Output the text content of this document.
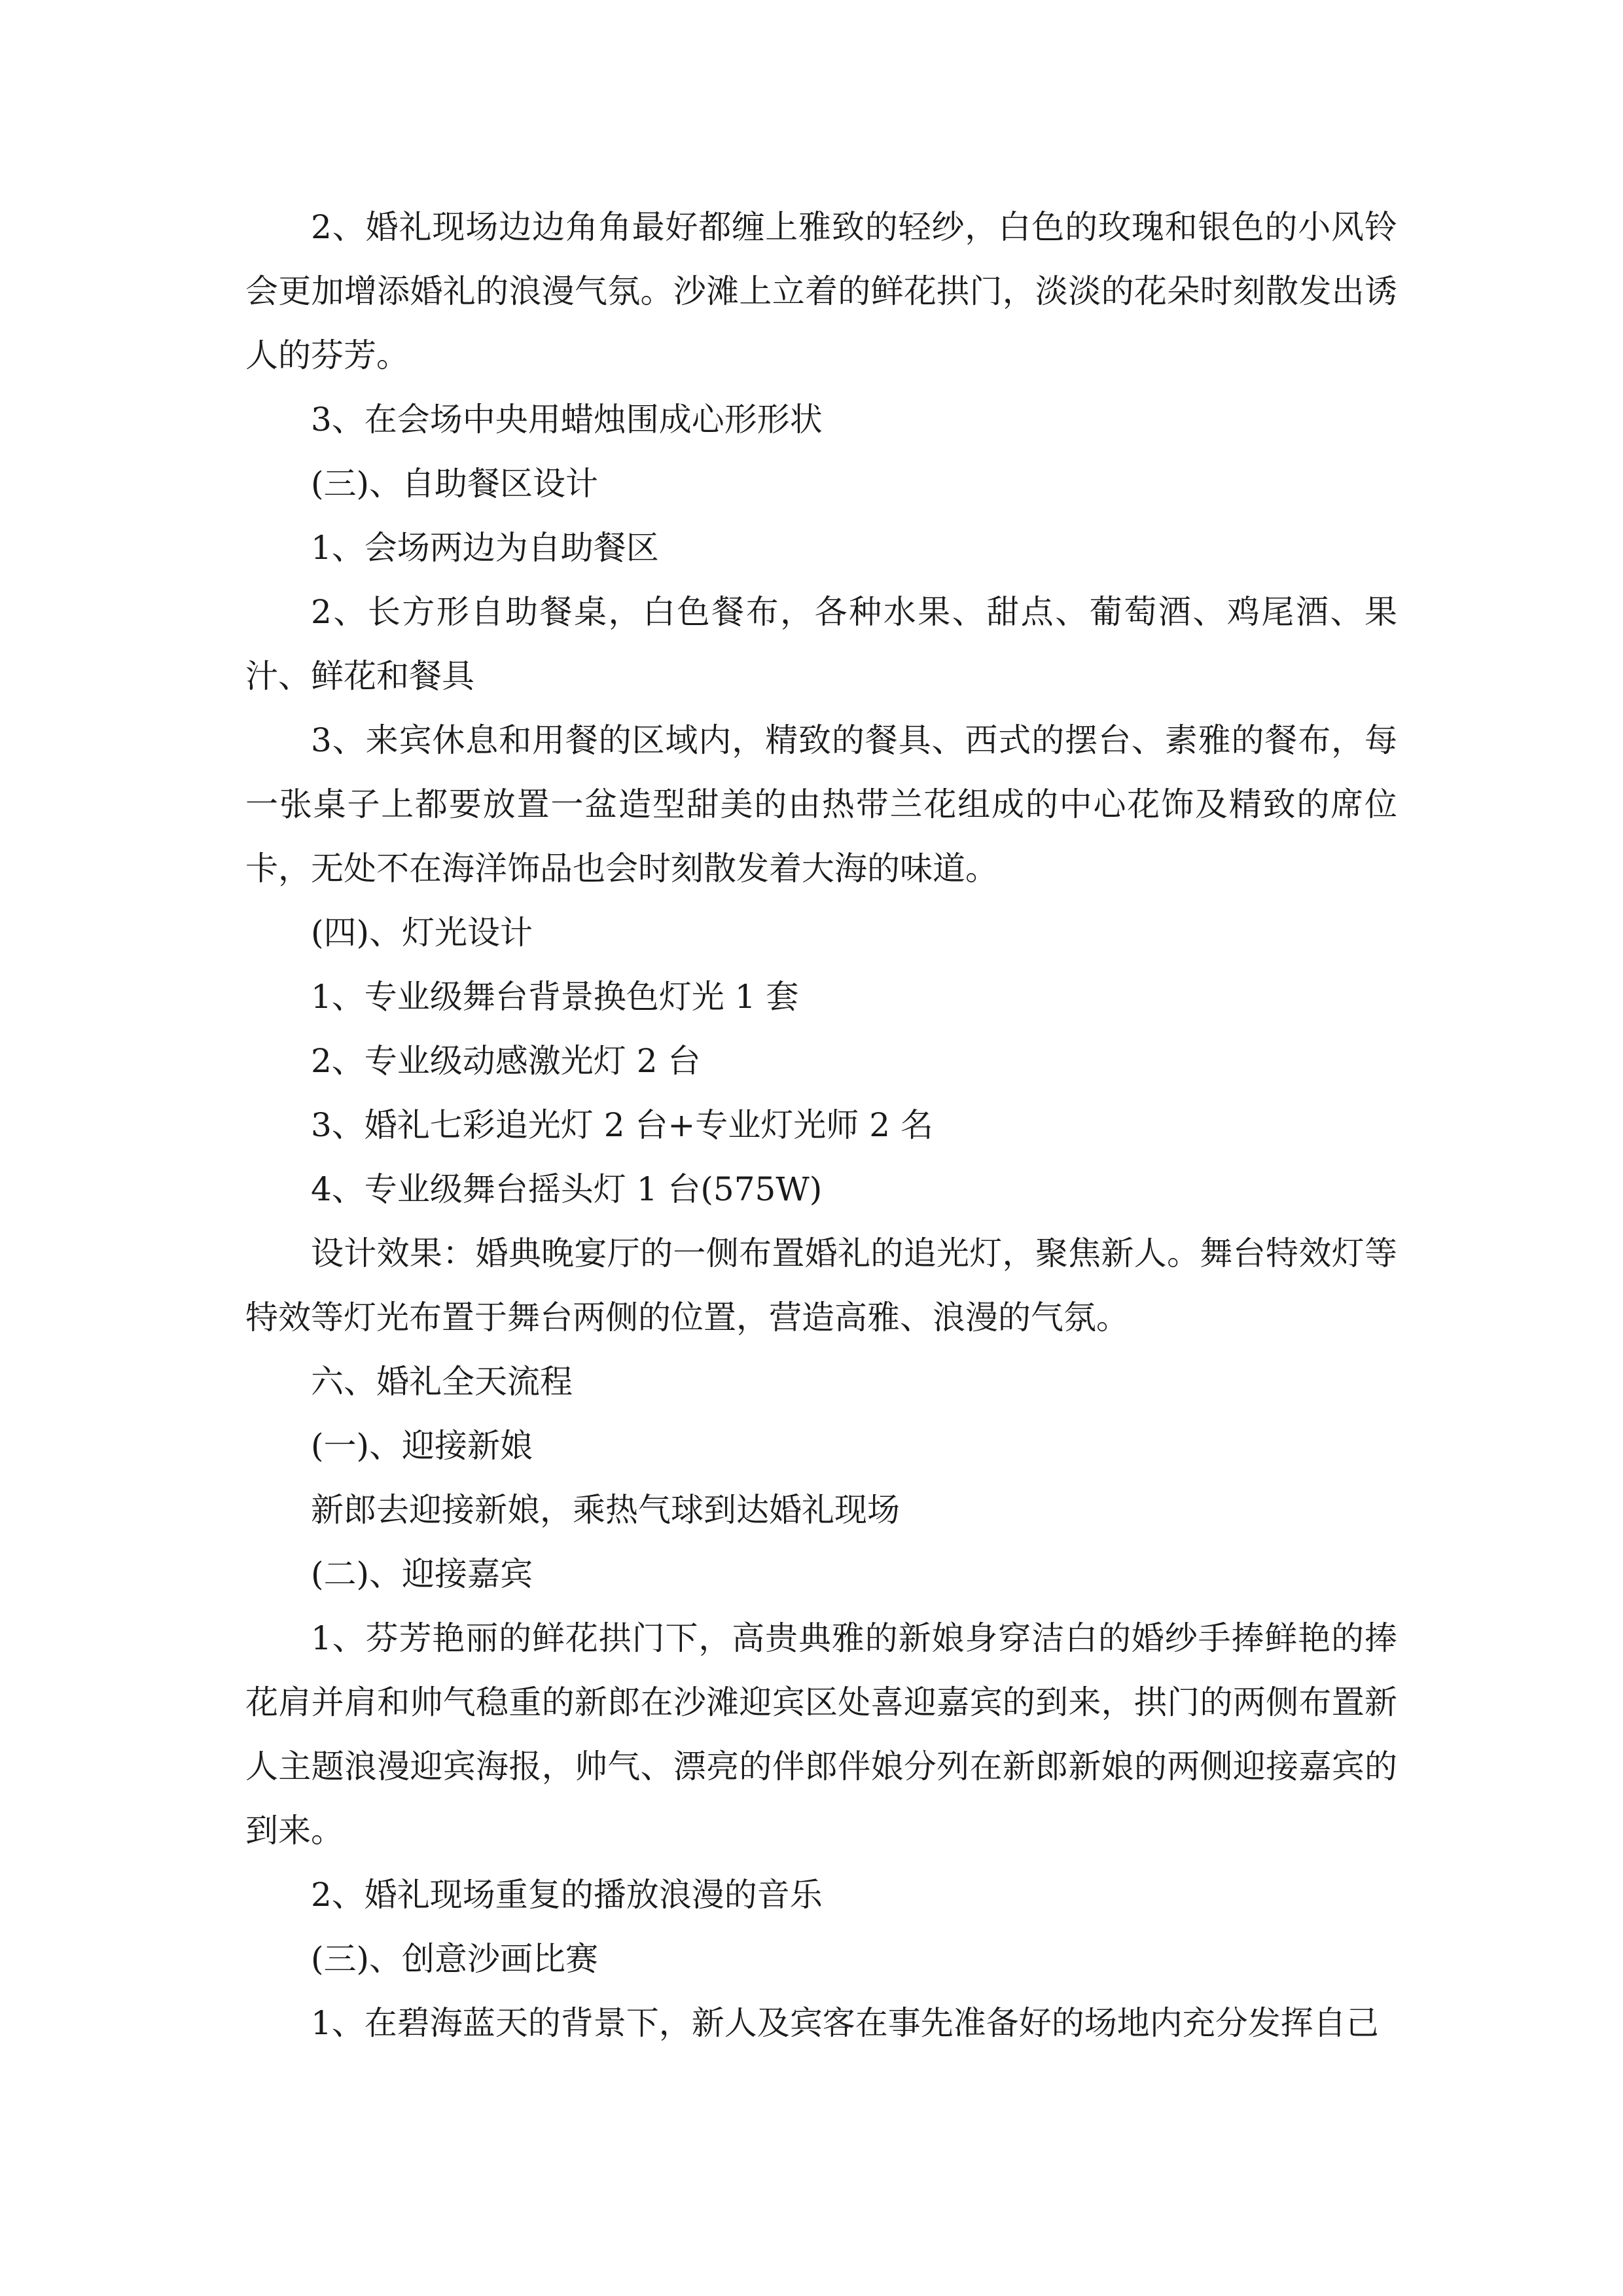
2、婚礼现场边边角角最好都缠上雅致的轻纱，白色的玫瑰和银色的小风铃会更加增添婚礼的浪漫气氛。沙滩上立着的鲜花拱门，淡淡的花朵时刻散发出诱人的芬芳。

3、在会场中央用蜡烛围成心形形状

(三)、自助餐区设计

1、会场两边为自助餐区

2、长方形自助餐桌，白色餐布，各种水果、甜点、葡萄酒、鸡尾酒、果汁、鲜花和餐具

3、来宾休息和用餐的区域内，精致的餐具、西式的摆台、素雅的餐布，每一张桌子上都要放置一盆造型甜美的由热带兰花组成的中心花饰及精致的席位卡，无处不在海洋饰品也会时刻散发着大海的味道。

(四)、灯光设计

1、专业级舞台背景换色灯光 1 套

2、专业级动感激光灯 2 台

3、婚礼七彩追光灯 2 台+专业灯光师 2 名

4、专业级舞台摇头灯 1 台(575W)

设计效果：婚典晚宴厅的一侧布置婚礼的追光灯，聚焦新人。舞台特效灯等特效等灯光布置于舞台两侧的位置，营造高雅、浪漫的气氛。

六、婚礼全天流程

(一)、迎接新娘

新郎去迎接新娘，乘热气球到达婚礼现场

(二)、迎接嘉宾

1、芬芳艳丽的鲜花拱门下，高贵典雅的新娘身穿洁白的婚纱手捧鲜艳的捧花肩并肩和帅气稳重的新郎在沙滩迎宾区处喜迎嘉宾的到来，拱门的两侧布置新人主题浪漫迎宾海报，帅气、漂亮的伴郎伴娘分列在新郎新娘的两侧迎接嘉宾的到来。

2、婚礼现场重复的播放浪漫的音乐

(三)、创意沙画比赛

1、在碧海蓝天的背景下，新人及宾客在事先准备好的场地内充分发挥自己
